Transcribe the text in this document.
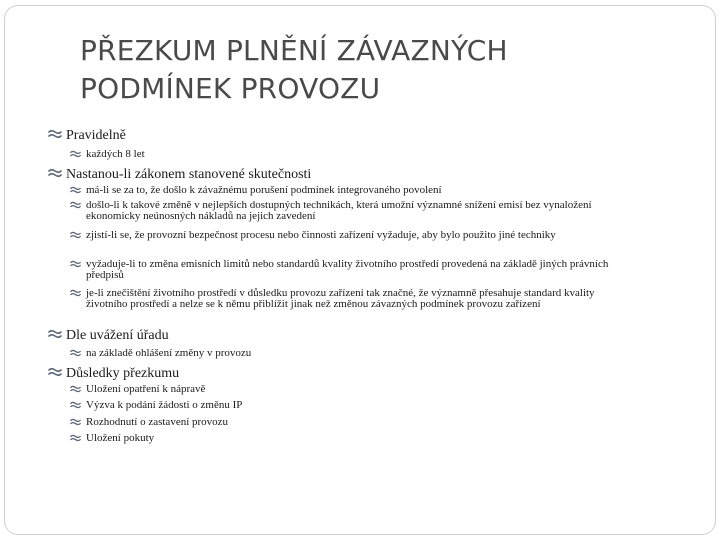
PŘEZKUM PLNĚNÍ ZÁVAZNÝCH
PODMÍNEK PROVOZU
Pravidelně
každých 8 let
Nastanou-li zákonem stanovené skutečnosti
má-li se za to, že došlo k závažnému porušení podmínek integrovaného povolení
došlo-li k takové změně v nejlepších dostupných technikách, která umožní významné snížení emisí bez vynaložení ekonomicky neúnosných nákladů na jejich zavedení
zjistí-li se, že provozní bezpečnost procesu nebo činnosti zařízení vyžaduje, aby bylo použito jiné techniky
vyžaduje-li to změna emisních limitů nebo standardů kvality životního prostředí provedená na základě jiných právních předpisů
je-li znečištění životního prostředí v důsledku provozu zařízení tak značné, že významně přesahuje standard kvality životního prostředí a nelze se k němu přiblížit jinak než změnou závazných podmínek provozu zařízení
Dle uvážení úřadu
na základě ohlášení změny v provozu
Důsledky přezkumu
Uložení opatření k nápravě
Výzva k podání žádosti o změnu IP
Rozhodnutí o zastavení provozu
Uložení pokuty
